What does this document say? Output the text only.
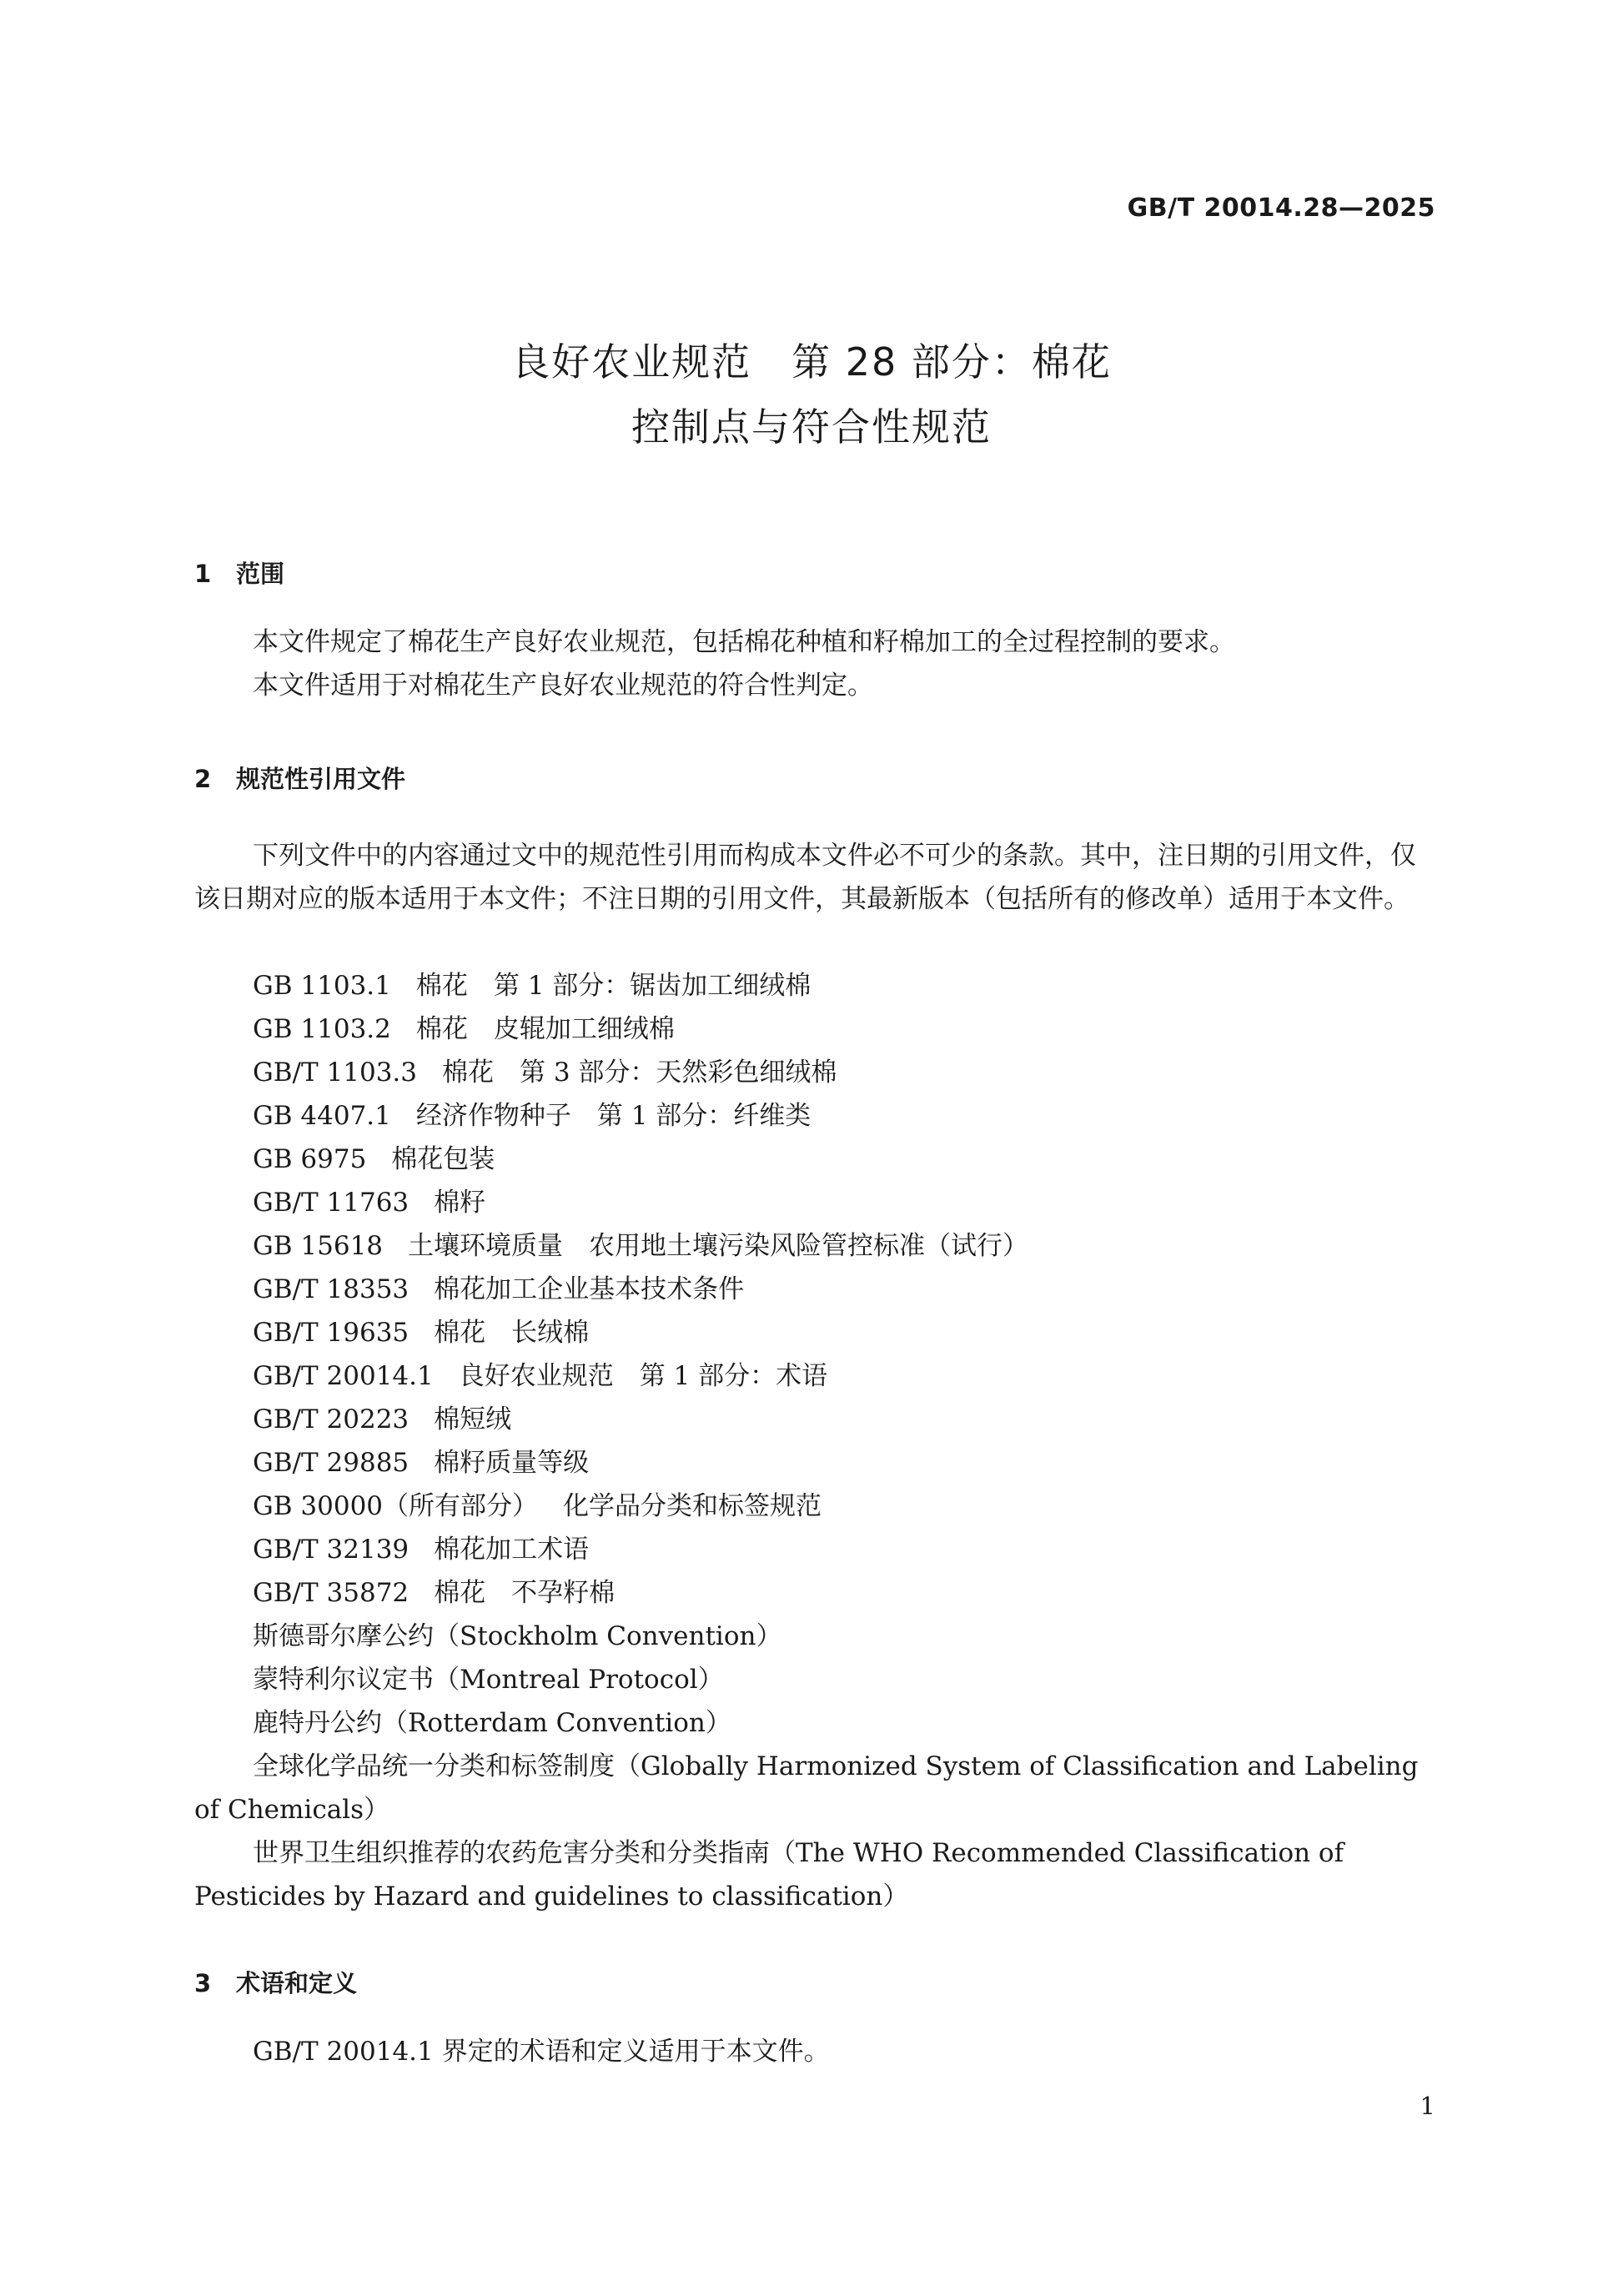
GB/T 20014.28—2025
良好农业规范　第 28 部分：棉花
控制点与符合性规范
1 范围
本文件规定了棉花生产良好农业规范，包括棉花种植和籽棉加工的全过程控制的要求。
本文件适用于对棉花生产良好农业规范的符合性判定。
2 规范性引用文件
下列文件中的内容通过文中的规范性引用而构成本文件必不可少的条款。其中，注日期的引用文件，仅该日期对应的版本适用于本文件；不注日期的引用文件，其最新版本（包括所有的修改单）适用于本文件。
GB 1103.1 棉花　第 1 部分：锯齿加工细绒棉
GB 1103.2 棉花　皮辊加工细绒棉
GB/T 1103.3 棉花　第 3 部分：天然彩色细绒棉
GB 4407.1 经济作物种子　第 1 部分：纤维类
GB 6975 棉花包装
GB/T 11763 棉籽
GB 15618 土壤环境质量　农用地土壤污染风险管控标准（试行）
GB/T 18353 棉花加工企业基本技术条件
GB/T 19635 棉花　长绒棉
GB/T 20014.1 良好农业规范　第 1 部分：术语
GB/T 20223 棉短绒
GB/T 29885 棉籽质量等级
GB 30000（所有部分） 化学品分类和标签规范
GB/T 32139 棉花加工术语
GB/T 35872 棉花　不孕籽棉
斯德哥尔摩公约（Stockholm Convention）
蒙特利尔议定书（Montreal Protocol）
鹿特丹公约（Rotterdam Convention）
全球化学品统一分类和标签制度（Globally Harmonized System of Classification and Labeling of Chemicals）
世界卫生组织推荐的农药危害分类和分类指南（The WHO Recommended Classification of Pesticides by Hazard and guidelines to classification）
3 术语和定义
GB/T 20014.1 界定的术语和定义适用于本文件。
1
